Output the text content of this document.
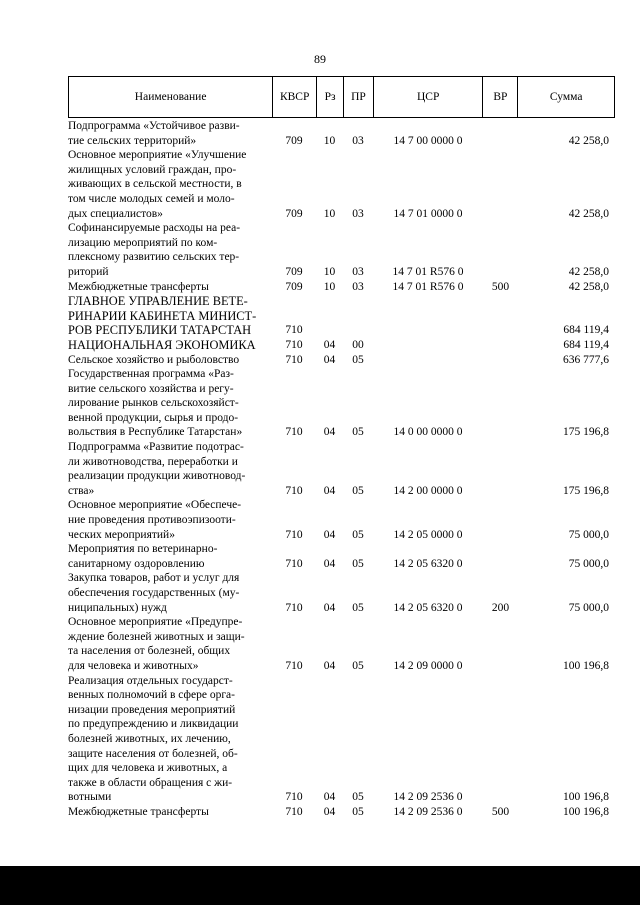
89
Наименование	КВСР	Рз	ПР	ЦСР	ВР	Сумма
Подпрограмма «Устойчивое разви-
тие сельских территорий»	709	10	03	14 7 00 0000 0	42 258,0
Основное мероприятие «Улучшение
жилищных условий граждан, про-
живающих в сельской местности, в
том числе молодых семей и моло-
дых специалистов»	709	10	03	14 7 01 0000 0	42 258,0
Софинансируемые расходы на реа-
лизацию мероприятий по ком-
плексному развитию сельских тер-
риторий	709	10	03	14 7 01 R576 0	42 258,0
Межбюджетные трансферты	709	10	03	14 7 01 R576 0	500	42 258,0
ГЛАВНОЕ УПРАВЛЕНИЕ ВЕТЕ-
РИНАРИИ КАБИНЕТА МИНИСТ-
РОВ РЕСПУБЛИКИ ТАТАРСТАН	710	684 119,4
НАЦИОНАЛЬНАЯ ЭКОНОМИКА	710	04	00	684 119,4
Сельское хозяйство и рыболовство	710	04	05	636 777,6
Государственная программа «Раз-
витие сельского хозяйства и регу-
лирование рынков сельскохозяйст-
венной продукции, сырья и продо-
вольствия в Республике Татарстан»	710	04	05	14 0 00 0000 0	175 196,8
Подпрограмма «Развитие подотрас-
ли животноводства, переработки и
реализации продукции животновод-
ства»	710	04	05	14 2 00 0000 0	175 196,8
Основное мероприятие «Обеспече-
ние проведения противоэпизооти-
ческих мероприятий»	710	04	05	14 2 05 0000 0	75 000,0
Мероприятия по ветеринарно-
санитарному оздоровлению	710	04	05	14 2 05 6320 0	75 000,0
Закупка товаров, работ и услуг для
обеспечения государственных (му-
ниципальных) нужд	710	04	05	14 2 05 6320 0	200	75 000,0
Основное мероприятие «Предупре-
ждение болезней животных и защи-
та населения от болезней, общих
для человека и животных»	710	04	05	14 2 09 0000 0	100 196,8
Реализация отдельных государст-
венных полномочий в сфере орга-
низации проведения мероприятий
по предупреждению и ликвидации
болезней животных, их лечению,
защите населения от болезней, об-
щих для человека и животных, а
также в области обращения с жи-
вотными	710	04	05	14 2 09 2536 0	100 196,8
Межбюджетные трансферты	710	04	05	14 2 09 2536 0	500	100 196,8
